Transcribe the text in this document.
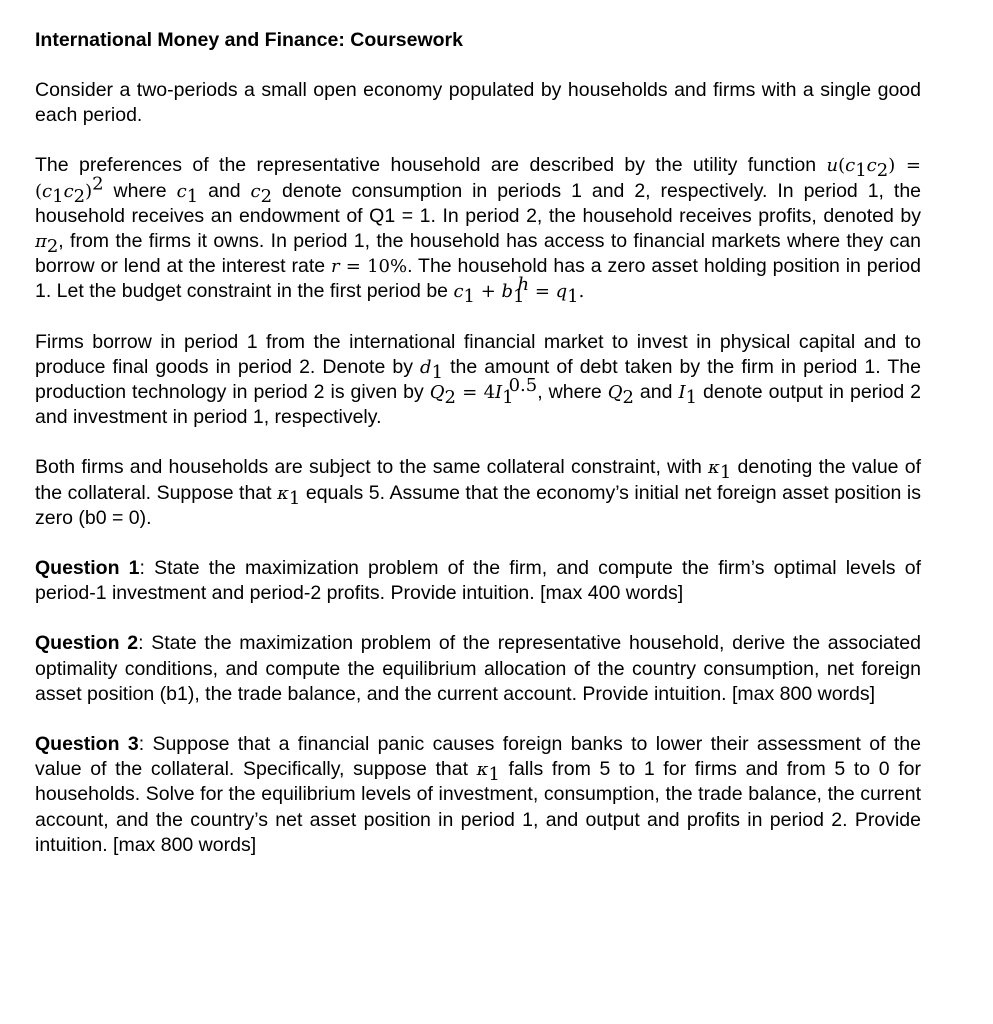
International Money and Finance: Coursework

Consider a two-periods a small open economy populated by households and firms with a single good each period.

The preferences of the representative household are described by the utility function $u(c_1c_2) = (c_1c_2)^2$ where $c_1$ and $c_2$ denote consumption in periods 1 and 2, respectively. In period 1, the household receives an endowment of Q1 = 1. In period 2, the household receives profits, denoted by $\pi_2$, from the firms it owns. In period 1, the household has access to financial markets where they can borrow or lend at the interest rate r = 10%. The household has a zero asset holding position in period 1. Let the budget constraint in the first period be $c_1 + b_1^h = q_1$.

Firms borrow in period 1 from the international financial market to invest in physical capital and to produce final goods in period 2. Denote by $d_1$ the amount of debt taken by the firm in period 1. The production technology in period 2 is given by $Q_2 = 4I_1^{0.5}$, where $Q_2$ and $I_1$ denote output in period 2 and investment in period 1, respectively.

Both firms and households are subject to the same collateral constraint, with $\kappa_1$ denoting the value of the collateral. Suppose that $\kappa_1$ equals 5. Assume that the economy’s initial net foreign asset position is zero (b0 = 0).

Question 1: State the maximization problem of the firm, and compute the firm’s optimal levels of period-1 investment and period-2 profits. Provide intuition. [max 400 words]

Question 2: State the maximization problem of the representative household, derive the associated optimality conditions, and compute the equilibrium allocation of the country consumption, net foreign asset position (b1), the trade balance, and the current account. Provide intuition. [max 800 words]

Question 3: Suppose that a financial panic causes foreign banks to lower their assessment of the value of the collateral. Specifically, suppose that $\kappa_1$ falls from 5 to 1 for firms and from 5 to 0 for households. Solve for the equilibrium levels of investment, consumption, the trade balance, the current account, and the country’s net asset position in period 1, and output and profits in period 2. Provide intuition. [max 800 words]
